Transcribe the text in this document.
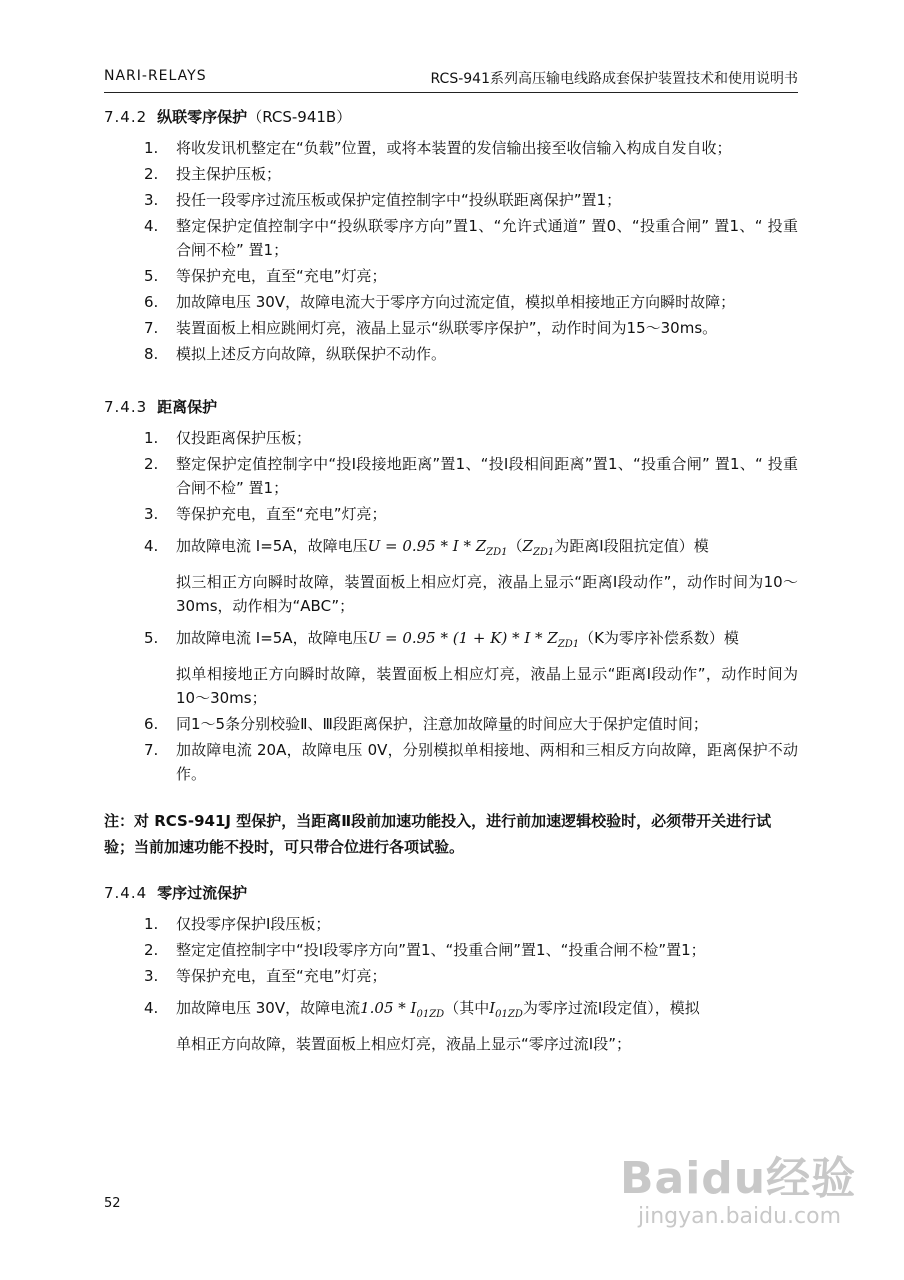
NARI-RELAYS	RCS-941系列高压输电线路成套保护装置技术和使用说明书
7.4.2 纵联零序保护（RCS-941B）
1. 将收发讯机整定在“负载”位置，或将本装置的发信输出接至收信输入构成自发自收；
2. 投主保护压板；
3. 投任一段零序过流压板或保护定值控制字中“投纵联距离保护”置1；
4. 整定保护定值控制字中“投纵联零序方向”置1、“允许式通道” 置0、“投重合闸” 置1、“ 投重合闸不检” 置1；
5. 等保护充电，直至“充电”灯亮；
6. 加故障电压 30V，故障电流大于零序方向过流定值，模拟单相接地正方向瞬时故障；
7. 装置面板上相应跳闸灯亮，液晶上显示“纵联零序保护”，动作时间为15～30ms。
8. 模拟上述反方向故障，纵联保护不动作。
7.4.3 距离保护
1. 仅投距离保护压板；
2. 整定保护定值控制字中“投Ⅰ段接地距离”置1、“投Ⅰ段相间距离”置1、“投重合闸” 置1、“ 投重合闸不检” 置1；
3. 等保护充电，直至“充电”灯亮；
4. 加故障电流 I=5A，故障电压$U = 0.95 * I * Z_{ZD1}(Z_{ZD1}$为距离Ⅰ段阻抗定值）模
拟三相正方向瞬时故障，装置面板上相应灯亮，液晶上显示“距离Ⅰ段动作”，动作时间为10～30ms，动作相为“ABC”；
5. 加故障电流 I=5A，故障电压$U = 0.95 * (1 + K) * I * Z_{ZD1}(K$为零序补偿系数）模
拟单相接地正方向瞬时故障，装置面板上相应灯亮，液晶上显示“距离Ⅰ段动作”，动作时间为10～30ms；
6. 同1～5条分别校验Ⅱ、Ⅲ段距离保护，注意加故障量的时间应大于保护定值时间；
7. 加故障电流 20A，故障电压 0V，分别模拟单相接地、两相和三相反方向故障，距离保护不动作。
注：对 RCS-941J 型保护，当距离Ⅱ段前加速功能投入，进行前加速逻辑校验时，必须带开关进行试验；当前加速功能不投时，可只带合位进行各项试验。
7.4.4 零序过流保护
1. 仅投零序保护Ⅰ段压板；
2. 整定定值控制字中“投Ⅰ段零序方向”置1、“投重合闸”置1、“投重合闸不检”置1；
3. 等保护充电，直至“充电”灯亮；
4. 加故障电压 30V，故障电流$1.05 * I_{01ZD}$（其中$I_{01ZD}$为零序过流Ⅰ段定值），模拟
单相正方向故障，装置面板上相应灯亮，液晶上显示“零序过流Ⅰ段”；
52	Baidu经验
jingyan.baidu.com
